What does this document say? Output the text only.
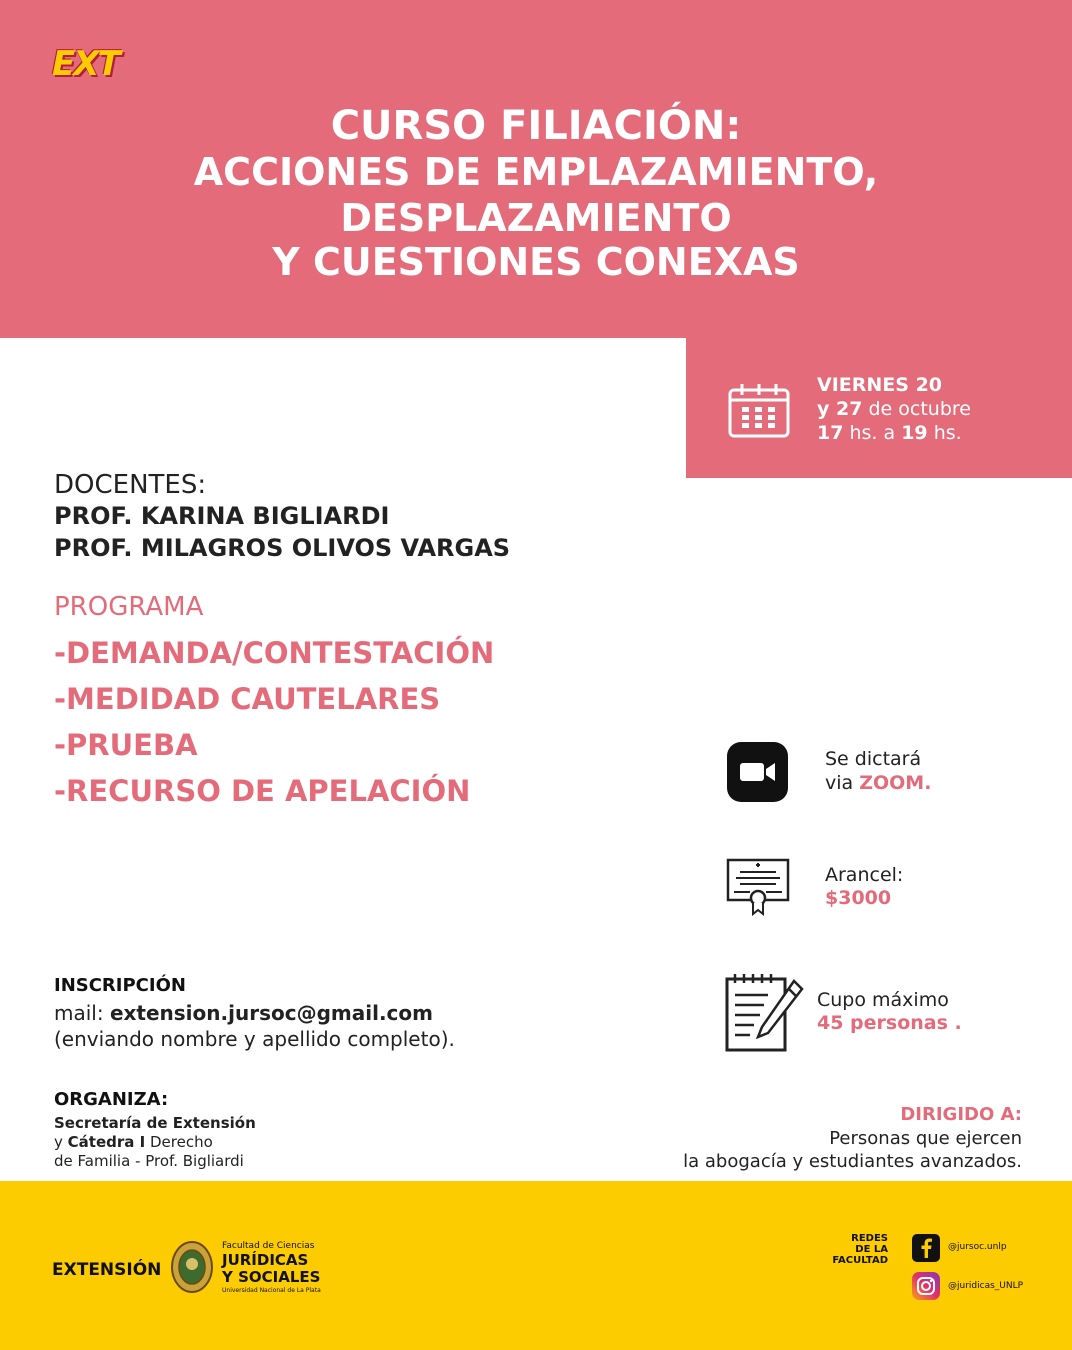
EXT
CURSO FILIACIÓN:
ACCIONES DE EMPLAZAMIENTO,
DESPLAZAMIENTO
Y CUESTIONES CONEXAS
VIERNES 20
y 27 de octubre
17 hs. a 19 hs.
DOCENTES:
PROF. KARINA BIGLIARDI
PROF. MILAGROS OLIVOS VARGAS
PROGRAMA
-DEMANDA/CONTESTACIÓN
-MEDIDAD CAUTELARES
-PRUEBA
-RECURSO DE APELACIÓN
Se dictará
via ZOOM.
Arancel:
$3000
Cupo máximo
45 personas .
INSCRIPCIÓN
mail: extension.jursoc@gmail.com
(enviando nombre y apellido completo).
ORGANIZA:
Secretaría de Extensión
y Cátedra I Derecho
de Familia - Prof. Bigliardi
DIRIGIDO A:
Personas que ejercen
la abogacía y estudiantes avanzados.
EXTENSIÓN
Facultad de Ciencias
JURÍDICAS
Y SOCIALES
Universidad Nacional de La Plata
REDES
DE LA
FACULTAD
@jursoc.unlp
@juridicas_UNLP
